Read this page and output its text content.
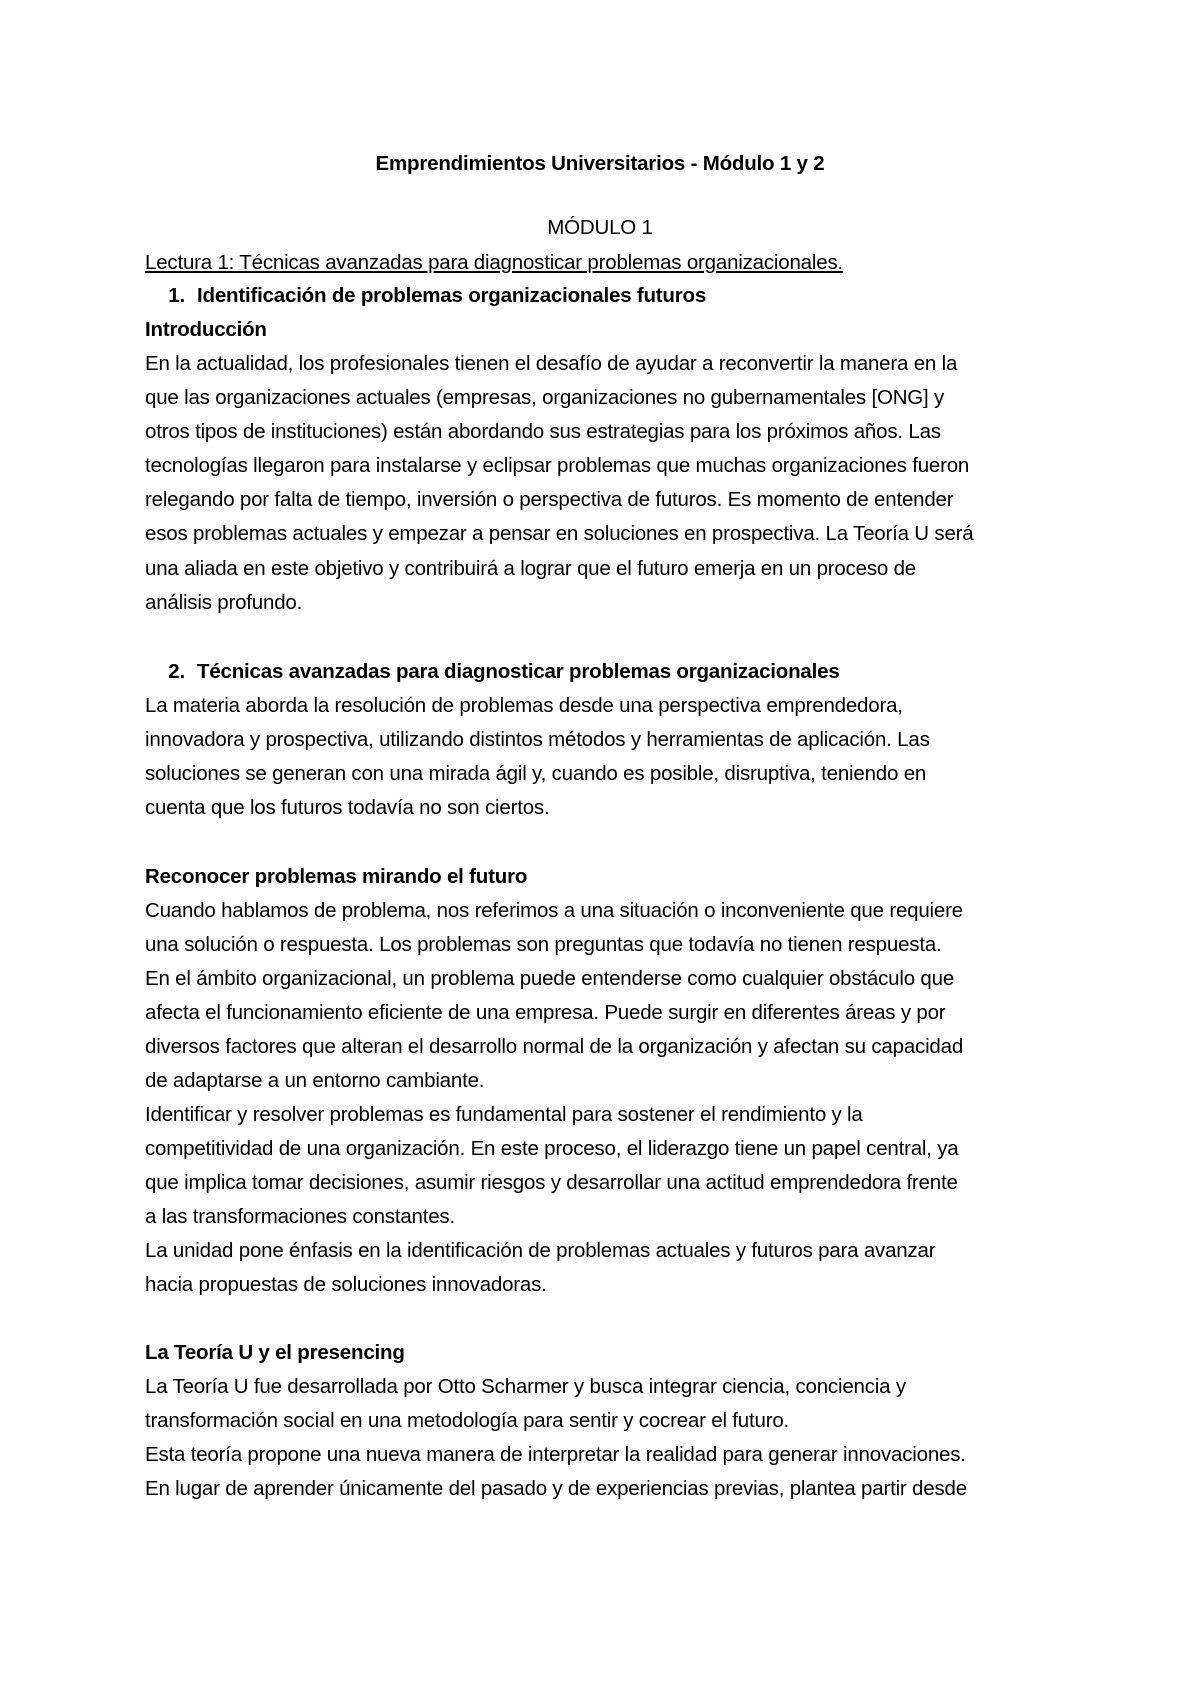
Emprendimientos Universitarios - Módulo 1 y 2
MÓDULO 1
Lectura 1: Técnicas avanzadas para diagnosticar problemas organizacionales.
1. Identificación de problemas organizacionales futuros
Introducción
En la actualidad, los profesionales tienen el desafío de ayudar a reconvertir la manera en la
que las organizaciones actuales (empresas, organizaciones no gubernamentales [ONG] y
otros tipos de instituciones) están abordando sus estrategias para los próximos años. Las
tecnologías llegaron para instalarse y eclipsar problemas que muchas organizaciones fueron
relegando por falta de tiempo, inversión o perspectiva de futuros. Es momento de entender
esos problemas actuales y empezar a pensar en soluciones en prospectiva. La Teoría U será
una aliada en este objetivo y contribuirá a lograr que el futuro emerja en un proceso de
análisis profundo.
2. Técnicas avanzadas para diagnosticar problemas organizacionales
La materia aborda la resolución de problemas desde una perspectiva emprendedora,
innovadora y prospectiva, utilizando distintos métodos y herramientas de aplicación. Las
soluciones se generan con una mirada ágil y, cuando es posible, disruptiva, teniendo en
cuenta que los futuros todavía no son ciertos.
Reconocer problemas mirando el futuro
Cuando hablamos de problema, nos referimos a una situación o inconveniente que requiere
una solución o respuesta. Los problemas son preguntas que todavía no tienen respuesta.
En el ámbito organizacional, un problema puede entenderse como cualquier obstáculo que
afecta el funcionamiento eficiente de una empresa. Puede surgir en diferentes áreas y por
diversos factores que alteran el desarrollo normal de la organización y afectan su capacidad
de adaptarse a un entorno cambiante.
Identificar y resolver problemas es fundamental para sostener el rendimiento y la
competitividad de una organización. En este proceso, el liderazgo tiene un papel central, ya
que implica tomar decisiones, asumir riesgos y desarrollar una actitud emprendedora frente
a las transformaciones constantes.
La unidad pone énfasis en la identificación de problemas actuales y futuros para avanzar
hacia propuestas de soluciones innovadoras.
La Teoría U y el presencing
La Teoría U fue desarrollada por Otto Scharmer y busca integrar ciencia, conciencia y
transformación social en una metodología para sentir y cocrear el futuro.
Esta teoría propone una nueva manera de interpretar la realidad para generar innovaciones.
En lugar de aprender únicamente del pasado y de experiencias previas, plantea partir desde
